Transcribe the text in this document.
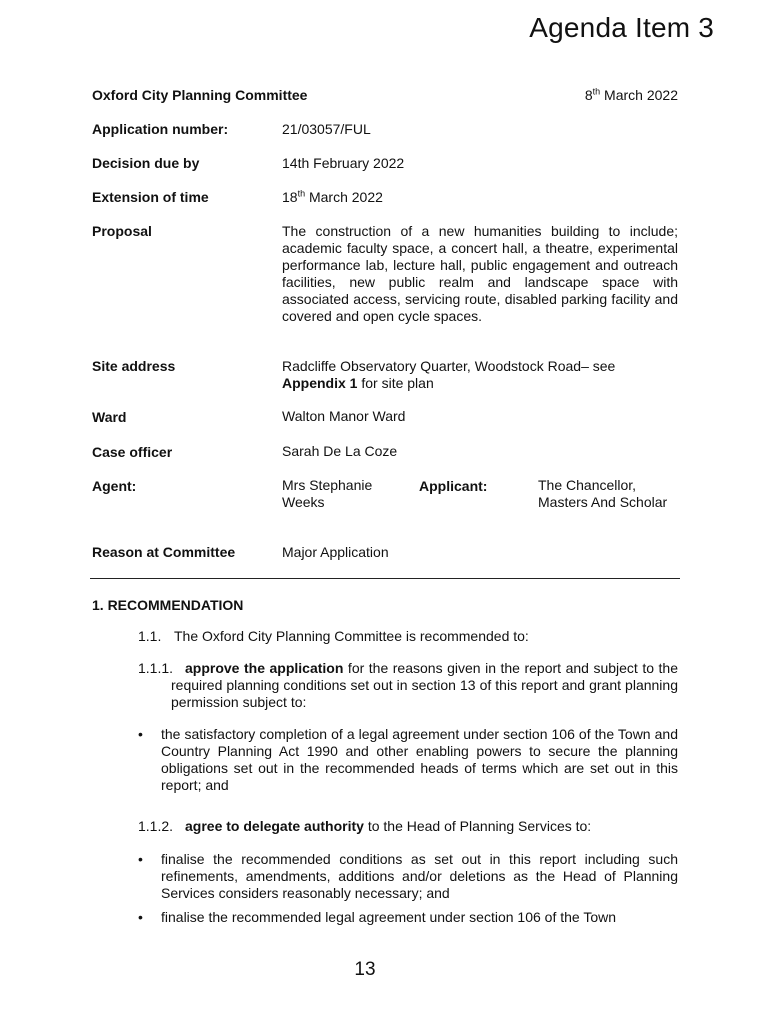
Agenda Item 3
Oxford City Planning Committee	8th March 2022
Application number:	21/03057/FUL
Decision due by	14th February 2022
Extension of time	18th March 2022
Proposal	The construction of a new humanities building to include; academic faculty space, a concert hall, a theatre, experimental performance lab, lecture hall, public engagement and outreach facilities, new public realm and landscape space with associated access, servicing route, disabled parking facility and covered and open cycle spaces.
Site address	Radcliffe Observatory Quarter, Woodstock Road– see
Appendix 1 for site plan
Ward	Walton Manor Ward
Case officer	Sarah De La Coze
Agent:	Mrs Stephanie Weeks
Applicant:	The Chancellor, Masters And Scholar
Reason at Committee	Major Application
1. RECOMMENDATION
1.1. The Oxford City Planning Committee is recommended to:
1.1.1. approve the application for the reasons given in the report and subject to the required planning conditions set out in section 13 of this report and grant planning permission subject to:
• the satisfactory completion of a legal agreement under section 106 of the Town and Country Planning Act 1990 and other enabling powers to secure the planning obligations set out in the recommended heads of terms which are set out in this report; and
1.1.2. agree to delegate authority to the Head of Planning Services to:
• finalise the recommended conditions as set out in this report including such refinements, amendments, additions and/or deletions as the Head of Planning Services considers reasonably necessary; and
• finalise the recommended legal agreement under section 106 of the Town
13
